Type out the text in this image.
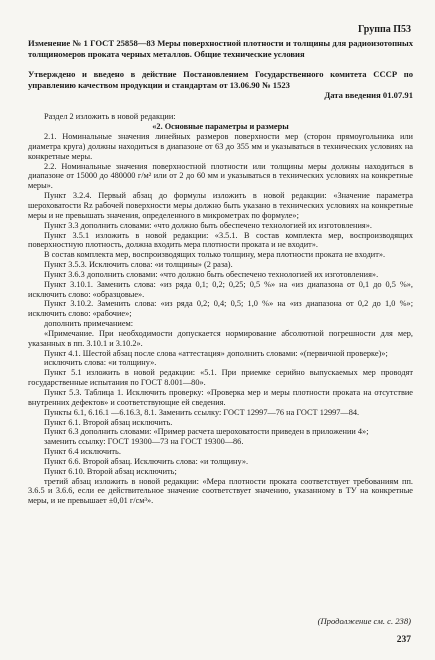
Группа П53
Изменение № 1 ГОСТ 25858—83 Меры поверхностной плотности и толщины для радиоизотопных толщиномеров проката черных металлов. Общие технические условия
Утверждено и введено в действие Постановлением Государственного комитета СССР по управлению качеством продукции и стандартам от 13.06.90 № 1523
Дата введения 01.07.91

Раздел 2 изложить в новой редакции:

«2. Основные параметры и размеры

2.1. Номинальные значения линейных размеров поверхности мер (сторон прямоугольника или диаметра круга) должны находиться в диапазоне от 63 до 355 мм и указываться в технических условиях на конкретные меры.

2.2. Номинальные значения поверхностной плотности или толщины меры должны находиться в диапазоне от 15000 до 480000 г/м² или от 2 до 60 мм и указываться в технических условиях на конкретные меры».

Пункт 3.2.4. Первый абзац до формулы изложить в новой редакции: «Значение параметра шероховатости Rz рабочей поверхности меры должно быть указано в технических условиях на конкретные меры и не превышать значения, определенного в микрометрах по формуле»;

Пункт 3.3 дополнить словами: «что должно быть обеспечено технологией их изготовления».

Пункт 3.5.1 изложить в новой редакции: «3.5.1. В состав комплекта мер, воспроизводящих поверхностную плотность, должна входить мера плотности проката и не входит».

В состав комплекта мер, воспроизводящих только толщину, мера плотности проката не входит».

Пункт 3.5.3. Исключить слова: «и толщины» (2 раза).

Пункт 3.6.3 дополнить словами: «что должно быть обеспечено технологией их изготовления».

Пункт 3.10.1. Заменить слова: «из ряда 0,1; 0,2; 0,25; 0,5 %» на «из диапазона от 0,1 до 0,5 %», исключить слово: «образцовые».

Пункт 3.10.2. Заменить слова: «из ряда 0,2; 0,4; 0,5; 1,0 %» на «из диапазона от 0,2 до 1,0 %»; исключить слово: «рабочие»;

дополнить примечанием:

«Примечание. При необходимости допускается нормирование абсолютной погрешности для мер, указанных в пп. 3.10.1 и 3.10.2».

Пункт 4.1. Шестой абзац после слова «аттестация» дополнить словами: «(первичной проверке)»;

исключить слова: «и толщину».

Пункт 5.1 изложить в новой редакции: «5.1. При приемке серийно выпускаемых мер проводят государственные испытания по ГОСТ 8.001—80».

Пункт 5.3. Таблица 1. Исключить проверку: «Проверка мер и меры плотности проката на отсутствие внутренних дефектов» и соответствующие ей сведения.

Пункты 6.1, 6.16.1 —6.16.3, 8.1. Заменить ссылку: ГОСТ 12997—76 на ГОСТ 12997—84.

Пункт 6.1. Второй абзац исключить.

Пункт 6.3 дополнить словами: «Пример расчета шероховатости приведен в приложении 4»;

заменить ссылку: ГОСТ 19300—73 на ГОСТ 19300—86.

Пункт 6.4 исключить.

Пункт 6.6. Второй абзац. Исключить слова: «и толщину».

Пункт 6.10. Второй абзац исключить;

третий абзац изложить в новой редакции: «Мера плотности проката соответствует требованиям пп. 3.6.5 и 3.6.6, если ее действительное значение соответствует значению, указанному в ТУ на конкретные меры, и не превышает ±0,01 г/см³».

(Продолжение см. с. 238)
237
